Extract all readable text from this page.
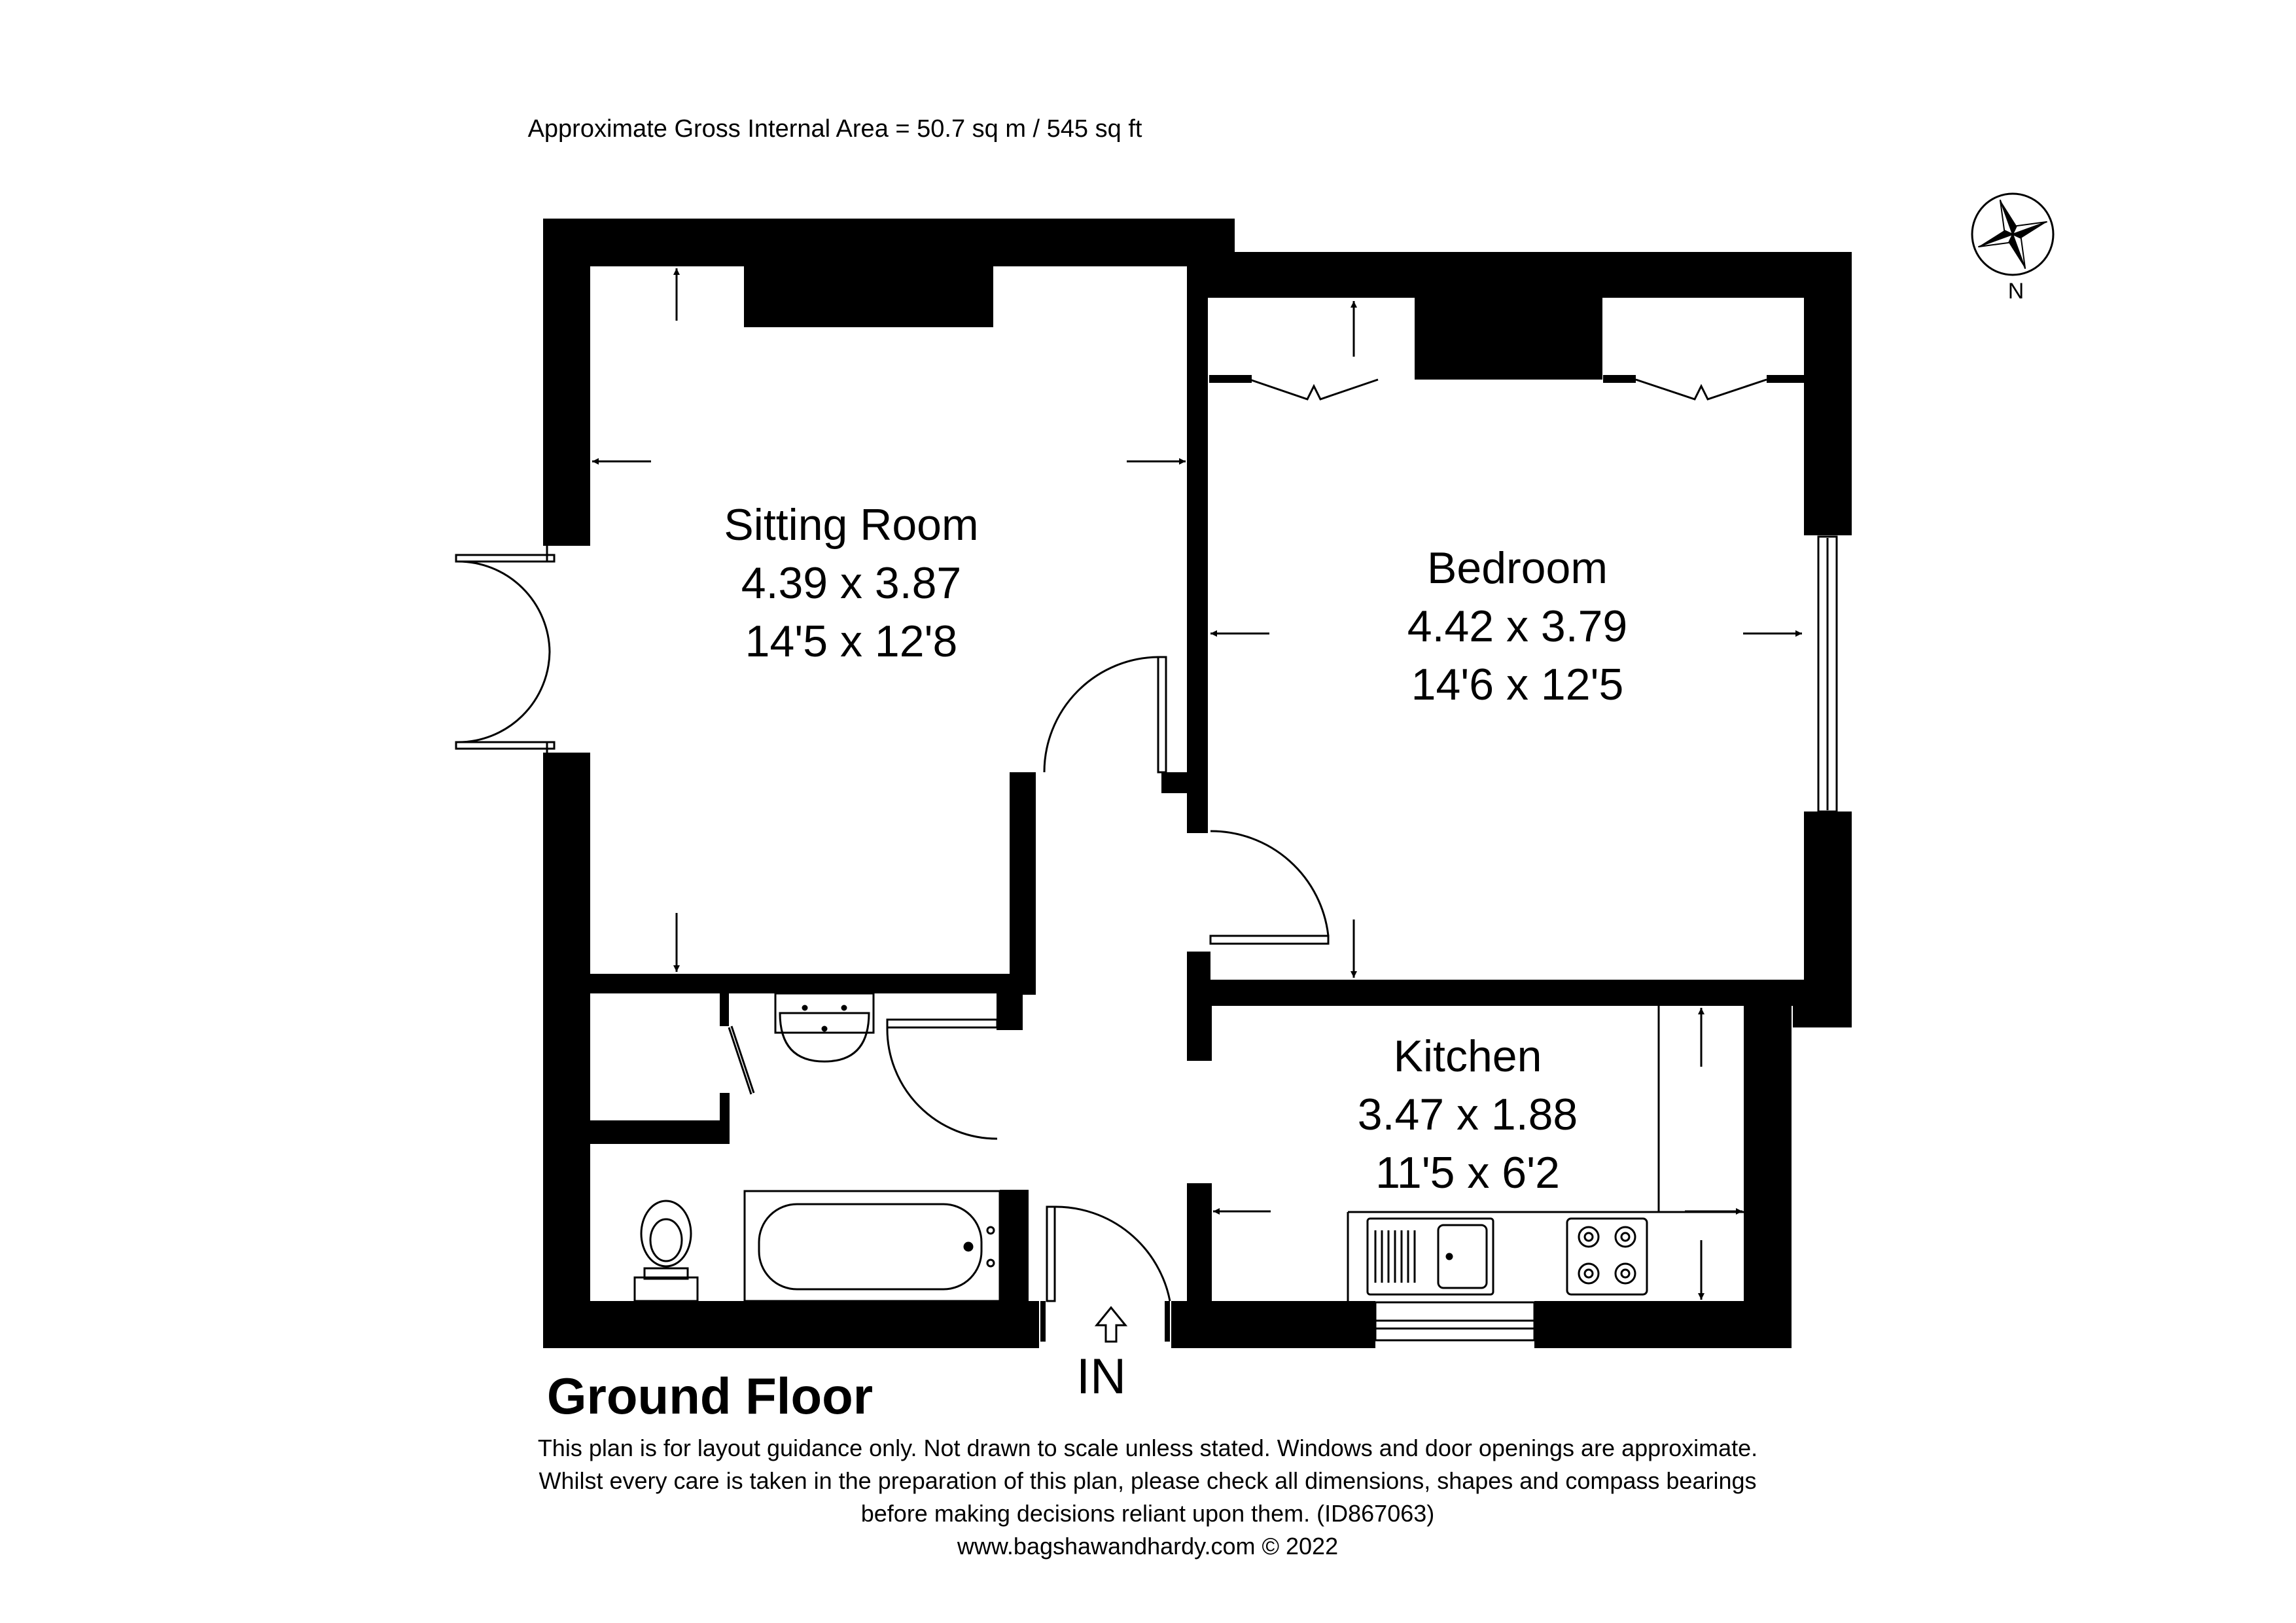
Approximate Gross Internal Area = 50.7 sq m / 545 sq ft
N
Sitting Room
4.39 x 3.87
14'5 x 12'8
Bedroom
4.42 x 3.79
14'6 x 12'5
Kitchen
3.47 x 1.88
11'5 x 6'2
IN
Ground Floor
This plan is for layout guidance only. Not drawn to scale unless stated. Windows and door openings are approximate.
Whilst every care is taken in the preparation of this plan, please check all dimensions, shapes and compass bearings
before making decisions reliant upon them. (ID867063)
www.bagshawandhardy.com © 2022
